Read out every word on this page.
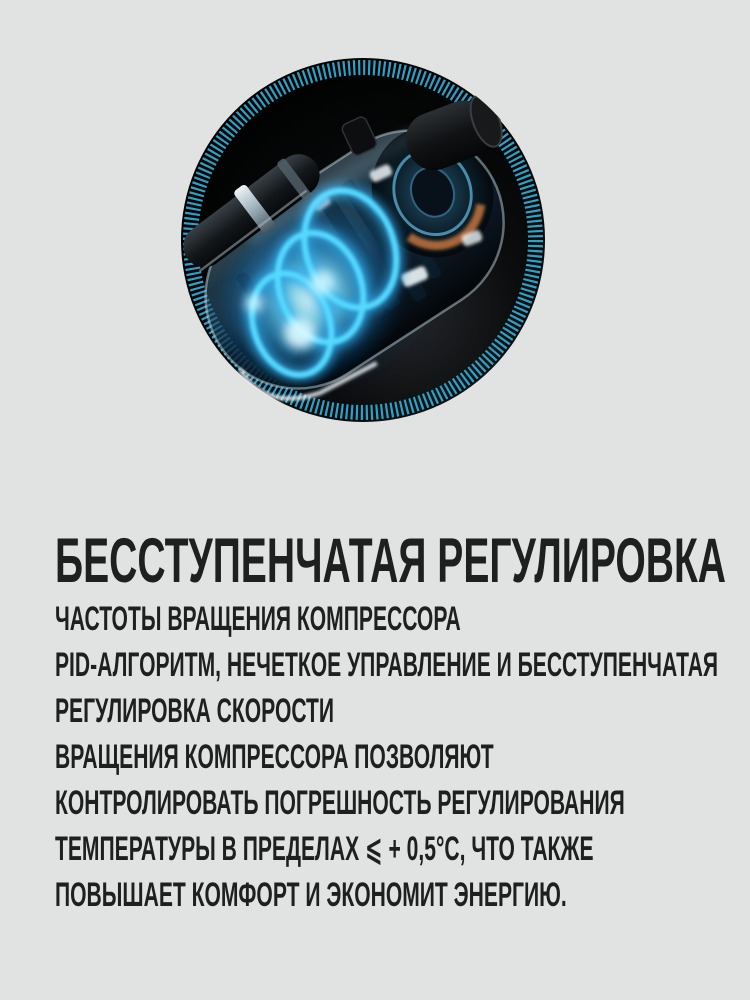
БЕССТУПЕНЧАТАЯ РЕГУЛИРОВКА
ЧАСТОТЫ ВРАЩЕНИЯ КОМПРЕССОРА
PID-АЛГОРИТМ, НЕЧЕТКОЕ УПРАВЛЕНИЕ И БЕССТУПЕНЧАТАЯ
РЕГУЛИРОВКА СКОРОСТИ
ВРАЩЕНИЯ КОМПРЕССОРА ПОЗВОЛЯЮТ
КОНТРОЛИРОВАТЬ ПОГРЕШНОСТЬ РЕГУЛИРОВАНИЯ
ТЕМПЕРАТУРЫ В ПРЕДЕЛАХ ⩽ + 0,5°C, ЧТО ТАКЖЕ
ПОВЫШАЕТ КОМФОРТ И ЭКОНОМИТ ЭНЕРГИЮ.
